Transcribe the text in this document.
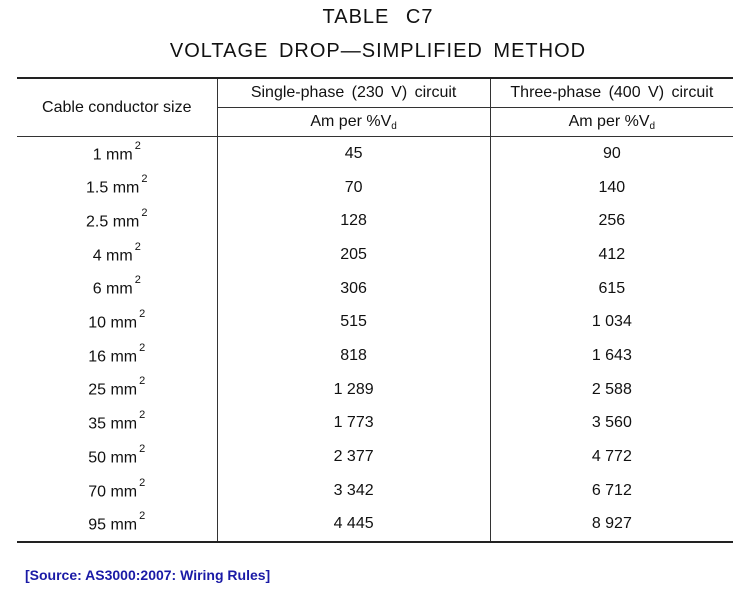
TABLE C7
VOLTAGE DROP—SIMPLIFIED METHOD
Cable conductor size	Single-phase (230 V) circuit	Three-phase (400 V) circuit
	Am per %Vd	Am per %Vd
1 $mm^2$	45	90
1.5 $mm^2$	70	140
2.5 $mm^2$	128	256
4 $mm^2$	205	412
6 $mm^2$	306	615
10 $mm^2$	515	1 034
16 $mm^2$	818	1 643
25 $mm^2$	1 289	2 588
35 $mm^2$	1 773	3 560
50 $mm^2$	2 377	4 772
70 $mm^2$	3 342	6 712
95 $mm^2$	4 445	8 927
[Source: AS3000:2007: Wiring Rules]
